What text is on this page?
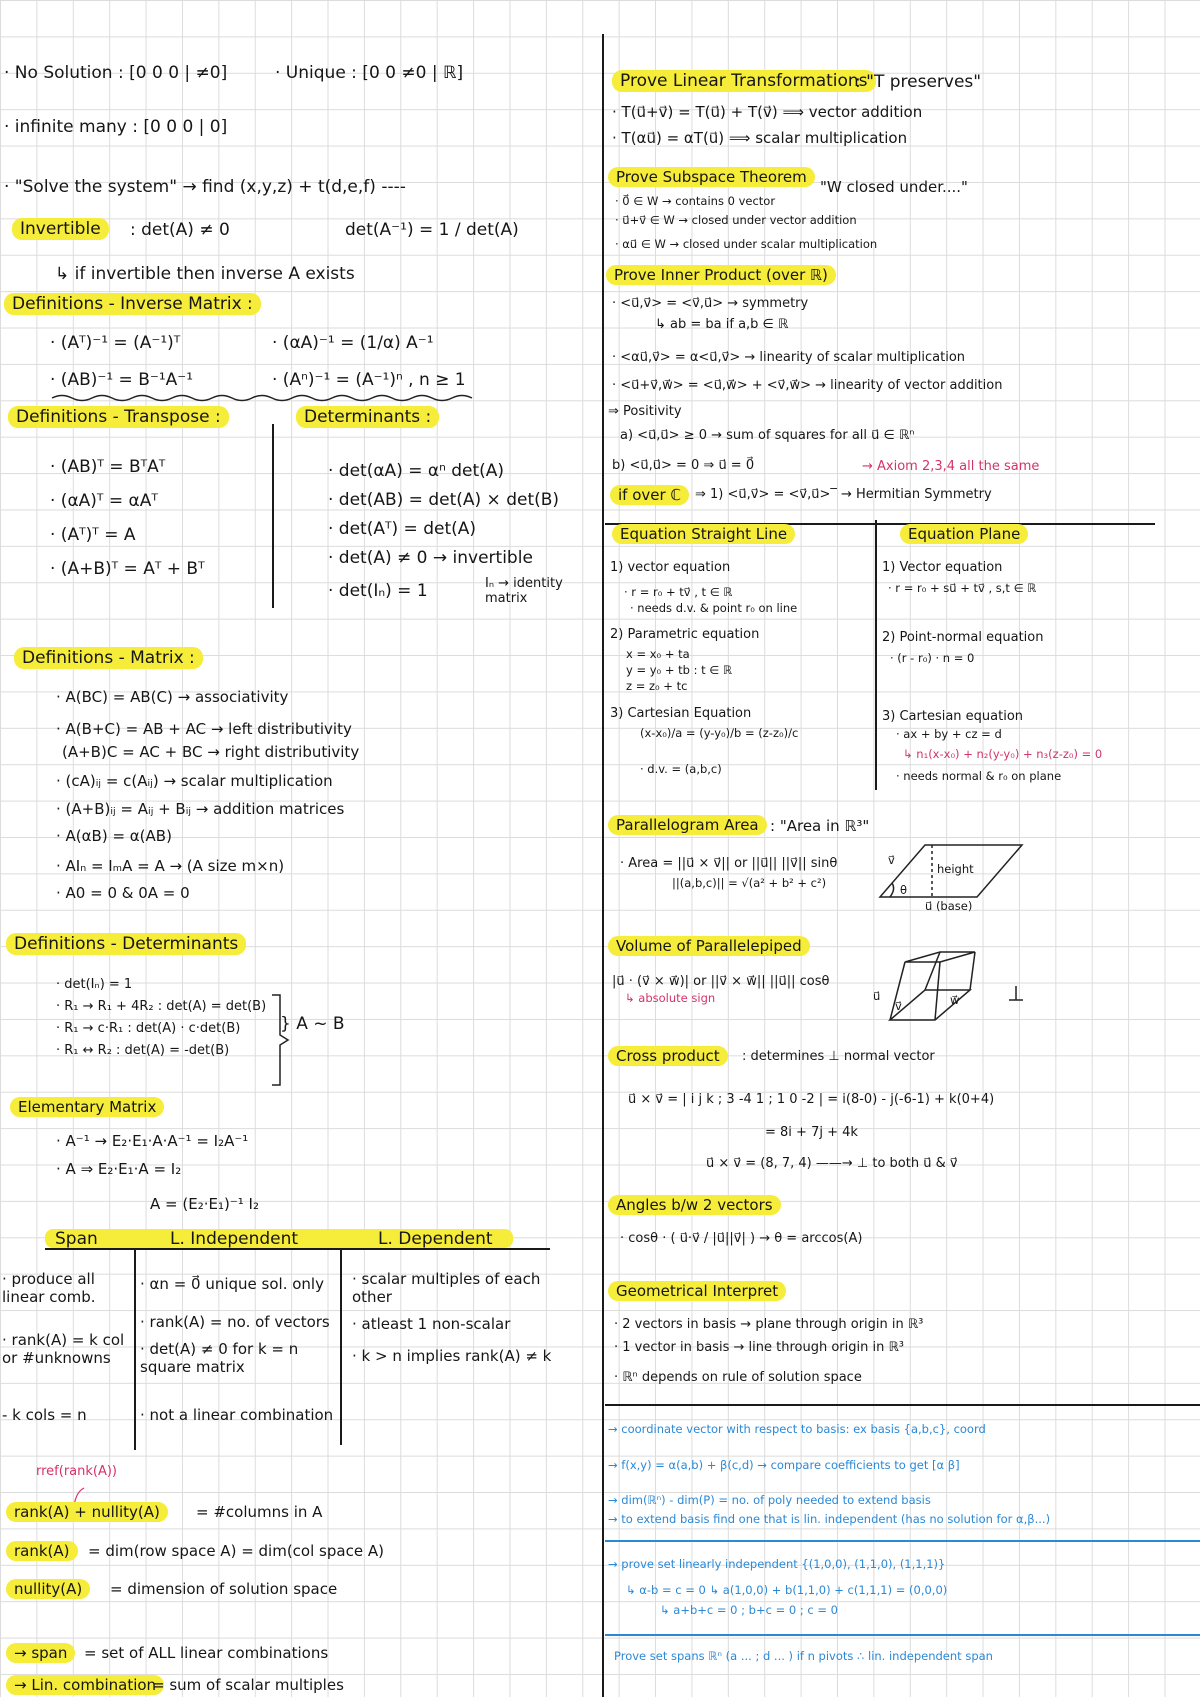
· No Solution : [0 0 0 | ≠0]	· Unique : [0 0 ≠0 | ℝ]
· infinite many : [0 0 0 | 0]
· "Solve the system" → find (x,y,z) + t(d,e,f) ----
Invertible	: det(A) ≠ 0	det(A⁻¹) = 1 / det(A)
↳ if invertible then inverse A exists
Definitions - Inverse Matrix :
· (Aᵀ)⁻¹ = (A⁻¹)ᵀ	· (αA)⁻¹ = (1/α) A⁻¹
· (AB)⁻¹ = B⁻¹A⁻¹	· (Aⁿ)⁻¹ = (A⁻¹)ⁿ , n ≥ 1
Definitions - Transpose :	Determinants :
· (AB)ᵀ = BᵀAᵀ
· (αA)ᵀ = αAᵀ
· (Aᵀ)ᵀ = A
· (A+B)ᵀ = Aᵀ + Bᵀ
· det(αA) = αⁿ det(A)
· det(AB) = det(A) × det(B)
· det(Aᵀ) = det(A)
· det(A) ≠ 0 → invertible
· det(Iₙ) = 1	Iₙ → identity matrix
Definitions - Matrix :
· A(BC) = AB(C) → associativity
· A(B+C) = AB + AC → left distributivity
(A+B)C = AC + BC → right distributivity
· (cA)ᵢⱼ = c(Aᵢⱼ) → scalar multiplication
· (A+B)ᵢⱼ = Aᵢⱼ + Bᵢⱼ → addition matrices
· A(αB) = α(AB)
· AIₙ = IₘA = A → (A size m×n)
· A0 = 0 & 0A = 0
Definitions - Determinants
· det(Iₙ) = 1
· R₁ → R₁ + 4R₂ : det(A) = det(B)
· R₁ → c·R₁ : det(A) · c·det(B)
· R₁ ↔ R₂ : det(A) = -det(B)
} A ~ B
Elementary Matrix
· A⁻¹ → E₂·E₁·A·A⁻¹ = I₂A⁻¹
· A ⇒ E₂·E₁·A = I₂
A = (E₂·E₁)⁻¹ I₂
Span	L. Independent	L. Dependent
· produce all linear comb.
· rank(A) = k col or #unknowns
- k cols = n
· αn = 0⃗ unique sol. only
· rank(A) = no. of vectors
· det(A) ≠ 0 for k = n square matrix
· not a linear combination
· scalar multiples of each other
· atleast 1 non-scalar
· k > n implies rank(A) ≠ k
rref(rank(A))
rank(A) + nullity(A)	= #columns in A
rank(A)	= dim(row space A) = dim(col space A)
nullity(A)	= dimension of solution space
→ span	= set of ALL linear combinations
→ Lin. combination
= sum of scalar multiples
Prove Linear Transformations
: "T preserves"
· T(u⃗+v⃗) = T(u⃗) + T(v⃗) ⟹ vector addition
· T(αu⃗) = αT(u⃗) ⟹ scalar multiplication
Prove Subspace Theorem
"W closed under...."
· 0⃗ ∈ W → contains 0 vector
· u⃗+v⃗ ∈ W → closed under vector addition
· αu⃗ ∈ W → closed under scalar multiplication
Prove Inner Product (over ℝ)
· <u⃗,v⃗> = <v⃗,u⃗> → symmetry
↳ ab = ba if a,b ∈ ℝ
· <αu⃗,v⃗> = α<u⃗,v⃗> → linearity of scalar multiplication
· <u⃗+v⃗,w⃗> = <u⃗,w⃗> + <v⃗,w⃗> → linearity of vector addition
⇒ Positivity
a) <u⃗,u⃗> ≥ 0 → sum of squares for all u⃗ ∈ ℝⁿ
b) <u⃗,u⃗> = 0 ⇒ u⃗ = 0⃗	→ Axiom 2,3,4 all the same
if over ℂ	⇒ 1) <u⃗,v⃗> = <v⃗,u⃗>‾ → Hermitian Symmetry
Equation Straight Line	Equation Plane
1) vector equation
· r = r₀ + tv⃗ , t ∈ ℝ
· needs d.v. & point r₀ on line
2) Parametric equation
x = x₀ + ta
y = y₀ + tb : t ∈ ℝ
z = z₀ + tc
3) Cartesian Equation
(x-x₀)/a = (y-y₀)/b = (z-z₀)/c
· d.v. = (a,b,c)
1) Vector equation
· r = r₀ + su⃗ + tv⃗ , s,t ∈ ℝ
2) Point-normal equation
· (r - r₀) · n = 0
3) Cartesian equation
· ax + by + cz = d
↳ n₁(x-x₀) + n₂(y-y₀) + n₃(z-z₀) = 0
· needs normal & r₀ on plane
Parallelogram Area : "Area in ℝ³"
· Area = ||u⃗ × v⃗|| or ||u⃗|| ||v⃗|| sinθ
||(a,b,c)|| = √(a² + b² + c²)
v⃗
height
θ
u⃗ (base)
Volume of Parallelepiped
|u⃗ · (v⃗ × w⃗)| or ||v⃗ × w⃗|| ||u⃗|| cosθ
↳ absolute sign	u⃗	w⃗
v⃗
Cross product	: determines ⊥ normal vector
u⃗ × v⃗ = | i j k ; 3 -4 1 ; 1 0 -2 | = i(8-0) - j(-6-1) + k(0+4)
= 8i + 7j + 4k
u⃗ × v⃗ = (8, 7, 4) ——→ ⊥ to both u⃗ & v⃗
Angles b/w 2 vectors
· cosθ · ( u⃗·v⃗ / |u⃗||v⃗| ) → θ = arccos(A)
Geometrical Interpret
· 2 vectors in basis → plane through origin in ℝ³
· 1 vector in basis → line through origin in ℝ³
· ℝⁿ depends on rule of solution space
→ coordinate vector with respect to basis: ex basis {a,b,c}, coord
→ f(x,y) = α(a,b) + β(c,d) → compare coefficients to get [α β]
→ dim(ℝⁿ) - dim(P) = no. of poly needed to extend basis
→ to extend basis find one that is lin. independent (has no solution for α,β...)
→ prove set linearly independent {(1,0,0), (1,1,0), (1,1,1)}
↳ α-b = c = 0 ↳ a(1,0,0) + b(1,1,0) + c(1,1,1) = (0,0,0)
↳ a+b+c = 0 ; b+c = 0 ; c = 0
Prove set spans ℝⁿ (a ... ; d ... ) if n pivots ∴ lin. independent span
